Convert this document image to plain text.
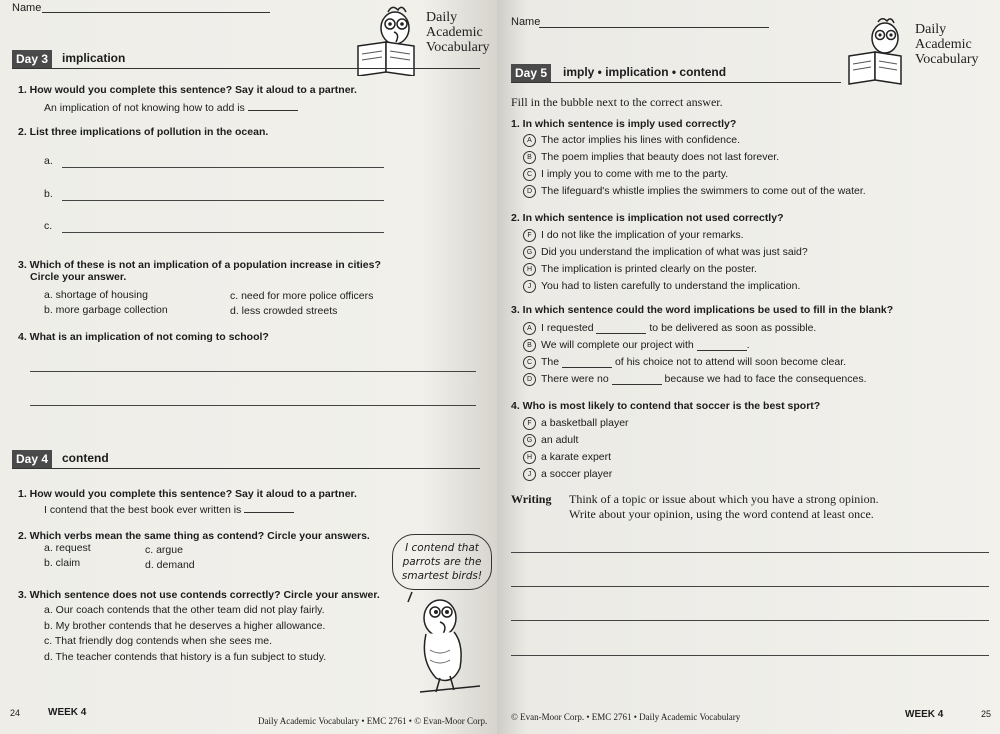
Name
Daily
Academic
Vocabulary
Day 3	implication
1. How would you complete this sentence? Say it aloud to a partner.
An implication of not knowing how to add is
2. List three implications of pollution in the ocean.
a.
b.
c.
3. Which of these is not an implication of a population increase in cities?
Circle your answer.
a. shortage of housing	c. need for more police officers
b. more garbage collection	d. less crowded streets
4. What is an implication of not coming to school?
Day 4	contend
1. How would you complete this sentence? Say it aloud to a partner.
I contend that the best book ever written is
2. Which verbs mean the same thing as contend? Circle your answers.
a. request	c. argue
b. claim	d. demand
3. Which sentence does not use contends correctly? Circle your answer.
a. Our coach contends that the other team did not play fairly.
b. My brother contends that he deserves a higher allowance.
c. That friendly dog contends when she sees me.
d. The teacher contends that history is a fun subject to study.
I contend that
parrots are the
smartest birds!
24	WEEK 4
Daily Academic Vocabulary • EMC 2761 • © Evan-Moor Corp.
Name	Daily
Academic
Vocabulary
Day 5	imply • implication • contend
Fill in the bubble next to the correct answer.
1. In which sentence is imply used correctly?
A The actor implies his lines with confidence.
B The poem implies that beauty does not last forever.
C I imply you to come with me to the party.
D The lifeguard's whistle implies the swimmers to come out of the water.
2. In which sentence is implication not used correctly?
F I do not like the implication of your remarks.
G Did you understand the implication of what was just said?
H The implication is printed clearly on the poster.
J You had to listen carefully to understand the implication.
3. In which sentence could the word implications be used to fill in the blank?
A I requested

	to be delivered as soon as possible.
B We will complete our project with
	.
C The

	of his choice not to attend will soon become clear.
D There were no

	because we had to face the consequences.
4. Who is most likely to contend that soccer is the best sport?
F a basketball player
G an adult
H a karate expert
J a soccer player
Writing Think of a topic or issue about which you have a strong opinion.
Write about your opinion, using the word contend at least once.
© Evan-Moor Corp. • EMC 2761 • Daily Academic Vocabulary	WEEK 4	25
